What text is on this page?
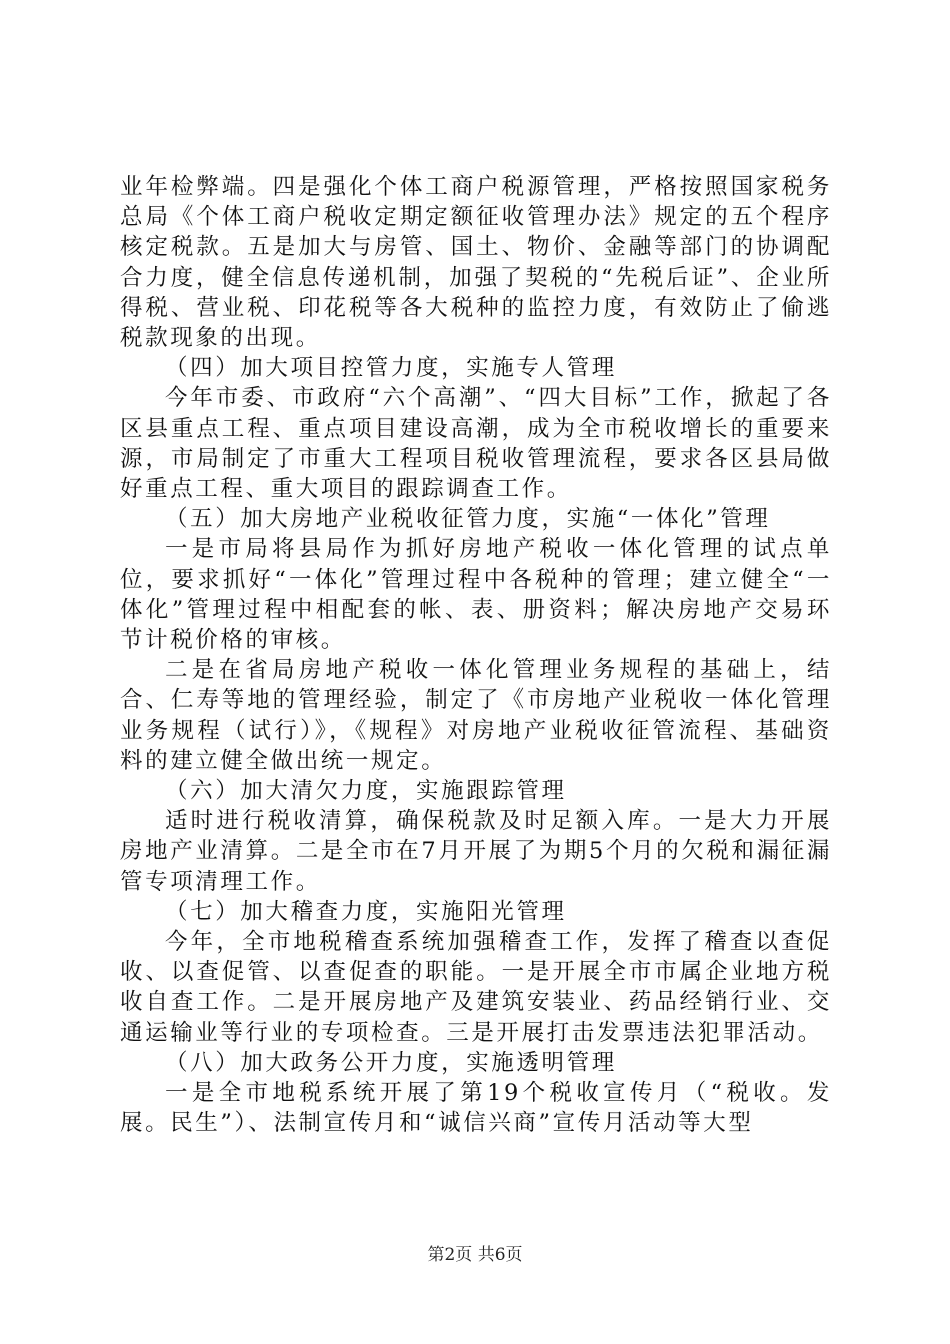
业年检弊端。四是强化个体工商户税源管理，严格按照国家税务总局《个体工商户税收定期定额征收管理办法》规定的五个程序核定税款。五是加大与房管、国土、物价、金融等部门的协调配合力度，健全信息传递机制，加强了契税的“先税后证”、企业所得税、营业税、印花税等各大税种的监控力度，有效防止了偷逃税款现象的出现。

（四）加大项目控管力度，实施专人管理

今年市委、市政府“六个高潮”、“四大目标”工作，掀起了各区县重点工程、重点项目建设高潮，成为全市税收增长的重要来源，市局制定了市重大工程项目税收管理流程，要求各区县局做好重点工程、重大项目的跟踪调查工作。

（五）加大房地产业税收征管力度，实施“一体化”管理

一是市局将县局作为抓好房地产税收一体化管理的试点单位，要求抓好“一体化”管理过程中各税种的管理；建立健全“一体化”管理过程中相配套的帐、表、册资料；解决房地产交易环节计税价格的审核。

二是在省局房地产税收一体化管理业务规程的基础上，结合、仁寿等地的管理经验，制定了《市房地产业税收一体化管理业务规程（试行）》，《规程》对房地产业税收征管流程、基础资料的建立健全做出统一规定。

（六）加大清欠力度，实施跟踪管理

适时进行税收清算，确保税款及时足额入库。一是大力开展房地产业清算。二是全市在7月开展了为期5个月的欠税和漏征漏管专项清理工作。

（七）加大稽查力度，实施阳光管理

今年，全市地税稽查系统加强稽查工作，发挥了稽查以查促收、以查促管、以查促查的职能。一是开展全市市属企业地方税收自查工作。二是开展房地产及建筑安装业、药品经销行业、交通运输业等行业的专项检查。三是开展打击发票违法犯罪活动。

（八）加大政务公开力度，实施透明管理

一是全市地税系统开展了第19个税收宣传月（“税收。发展。民生”）、法制宣传月和“诚信兴商”宣传月活动等大型

第2页 共6页
